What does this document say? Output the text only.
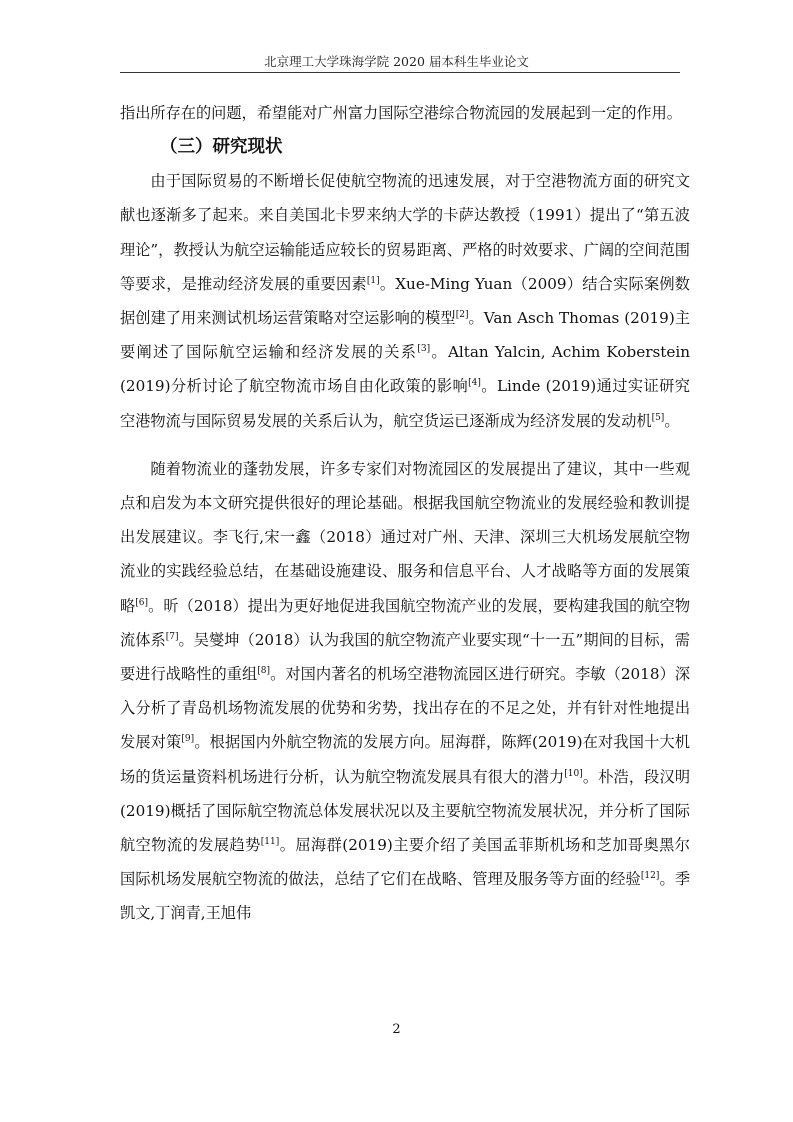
北京理工大学珠海学院 2020 届本科生毕业论文

指出所存在的问题，希望能对广州富力国际空港综合物流园的发展起到一定的作用。

（三）研究现状

由于国际贸易的不断增长促使航空物流的迅速发展，对于空港物流方面的研究文献也逐渐多了起来。来自美国北卡罗来纳大学的卡萨达教授（1991）提出了“第五波理论”，教授认为航空运输能适应较长的贸易距离、严格的时效要求、广阔的空间范围等要求，是推动经济发展的重要因素[1]。Xue-Ming Yuan（2009）结合实际案例数据创建了用来测试机场运营策略对空运影响的模型[2]。Van Asch Thomas (2019)主要阐述了国际航空运输和经济发展的关系[3]。Altan Yalcin, Achim Koberstein (2019)分析讨论了航空物流市场自由化政策的影响[4]。Linde (2019)通过实证研究空港物流与国际贸易发展的关系后认为，航空货运已逐渐成为经济发展的发动机[5]。

随着物流业的蓬勃发展，许多专家们对物流园区的发展提出了建议，其中一些观点和启发为本文研究提供很好的理论基础。根据我国航空物流业的发展经验和教训提出发展建议。李飞行,宋一鑫（2018）通过对广州、天津、深圳三大机场发展航空物流业的实践经验总结，在基础设施建设、服务和信息平台、人才战略等方面的发展策略[6]。昕（2018）提出为更好地促进我国航空物流产业的发展，要构建我国的航空物流体系[7]。吴燮坤（2018）认为我国的航空物流产业要实现“十一五”期间的目标，需要进行战略性的重组[8]。对国内著名的机场空港物流园区进行研究。李敏（2018）深入分析了青岛机场物流发展的优势和劣势，找出存在的不足之处，并有针对性地提出发展对策[9]。根据国内外航空物流的发展方向。屈海群，陈辉(2019)在对我国十大机场的货运量资料机场进行分析，认为航空物流发展具有很大的潜力[10]。朴浩，段汉明(2019)概括了国际航空物流总体发展状况以及主要航空物流发展状况，并分析了国际航空物流的发展趋势[11]。屈海群(2019)主要介绍了美国孟菲斯机场和芝加哥奥黑尔国际机场发展航空物流的做法，总结了它们在战略、管理及服务等方面的经验[12]。季凯文,丁润青,王旭伟

2
